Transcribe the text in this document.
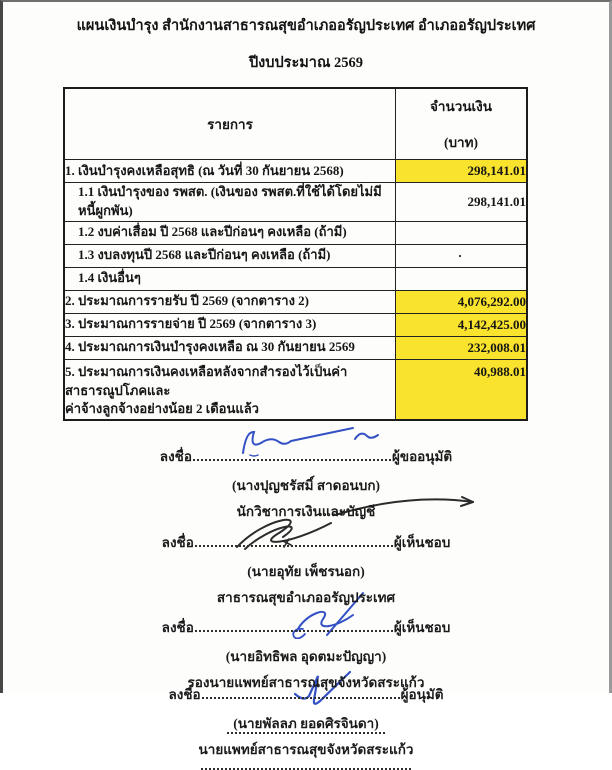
แผนเงินบำรุง สำนักงานสาธารณสุขอำเภออรัญประเทศ อำเภออรัญประเทศ
ปีงบประมาณ 2569
รายการ	จำนวนเงิน
(บาท)

1. เงินบำรุงคงเหลือสุทธิ (ณ วันที่ 30 กันยายน 2568)	298,141.01
1.1 เงินบำรุงของ รพสต. (เงินของ รพสต.ที่ใช้ได้โดยไม่มีหนี้ผูกพัน)	298,141.01
1.2 งบค่าเสื่อม ปี 2568 และปีก่อนๆ คงเหลือ (ถ้ามี)	
1.3 งบลงทุนปี 2568 และปีก่อนๆ คงเหลือ (ถ้ามี)	·
1.4 เงินอื่นๆ	
2. ประมาณการรายรับ ปี 2569 (จากตาราง 2)	4,076,292.00
3. ประมาณการรายจ่าย ปี 2569 (จากตาราง 3)	4,142,425.00
4. ประมาณการเงินบำรุงคงเหลือ ณ 30 กันยายน 2569	232,008.01
5. ประมาณการเงินคงเหลือหลังจากสำรองไว้เป็นค่าสาธารณูปโภคและ
ค่าจ้างลูกจ้างอย่างน้อย 2 เดือนแล้ว	40,988.01
ลงชื่อ	ผู้ขออนุมัติ
(นางปุญชรัสมิ์ สาดอนบก)
นักวิชาการเงินและบัญชี
ลงชื่อ	ผู้เห็นชอบ
(นายอุทัย เพ็ชรนอก)
สาธารณสุขอำเภออรัญประเทศ
ลงชื่อ	ผู้เห็นชอบ
(นายอิทธิพล อุดตมะปัญญา)
รองนายแพทย์สาธารณสุขจังหวัดสระแก้ว
ลงชื่อ	ผู้อนุมัติ
(นายพัลลภ ยอดศิรจินดา)
นายแพทย์สาธารณสุขจังหวัดสระแก้ว
